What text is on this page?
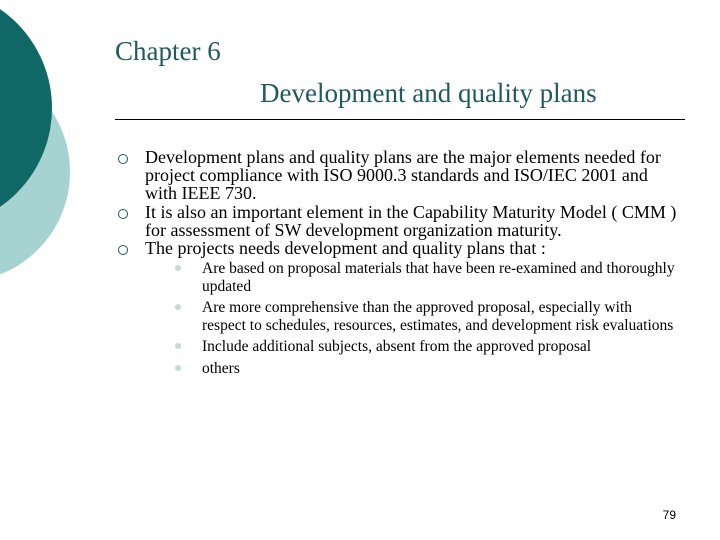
Chapter 6
Development and quality plans
Development plans and quality plans are the major elements needed for project compliance with ISO 9000.3 standards and ISO/IEC 2001 and with IEEE 730.
It is also an important element in the Capability Maturity Model ( CMM ) for assessment of SW development organization maturity.
The projects needs development and quality plans that :
Are based on proposal materials that have been re-examined and thoroughly updated
Are more comprehensive than the approved proposal, especially with respect to schedules, resources, estimates, and development risk evaluations
Include additional subjects, absent from the approved proposal
others
79
